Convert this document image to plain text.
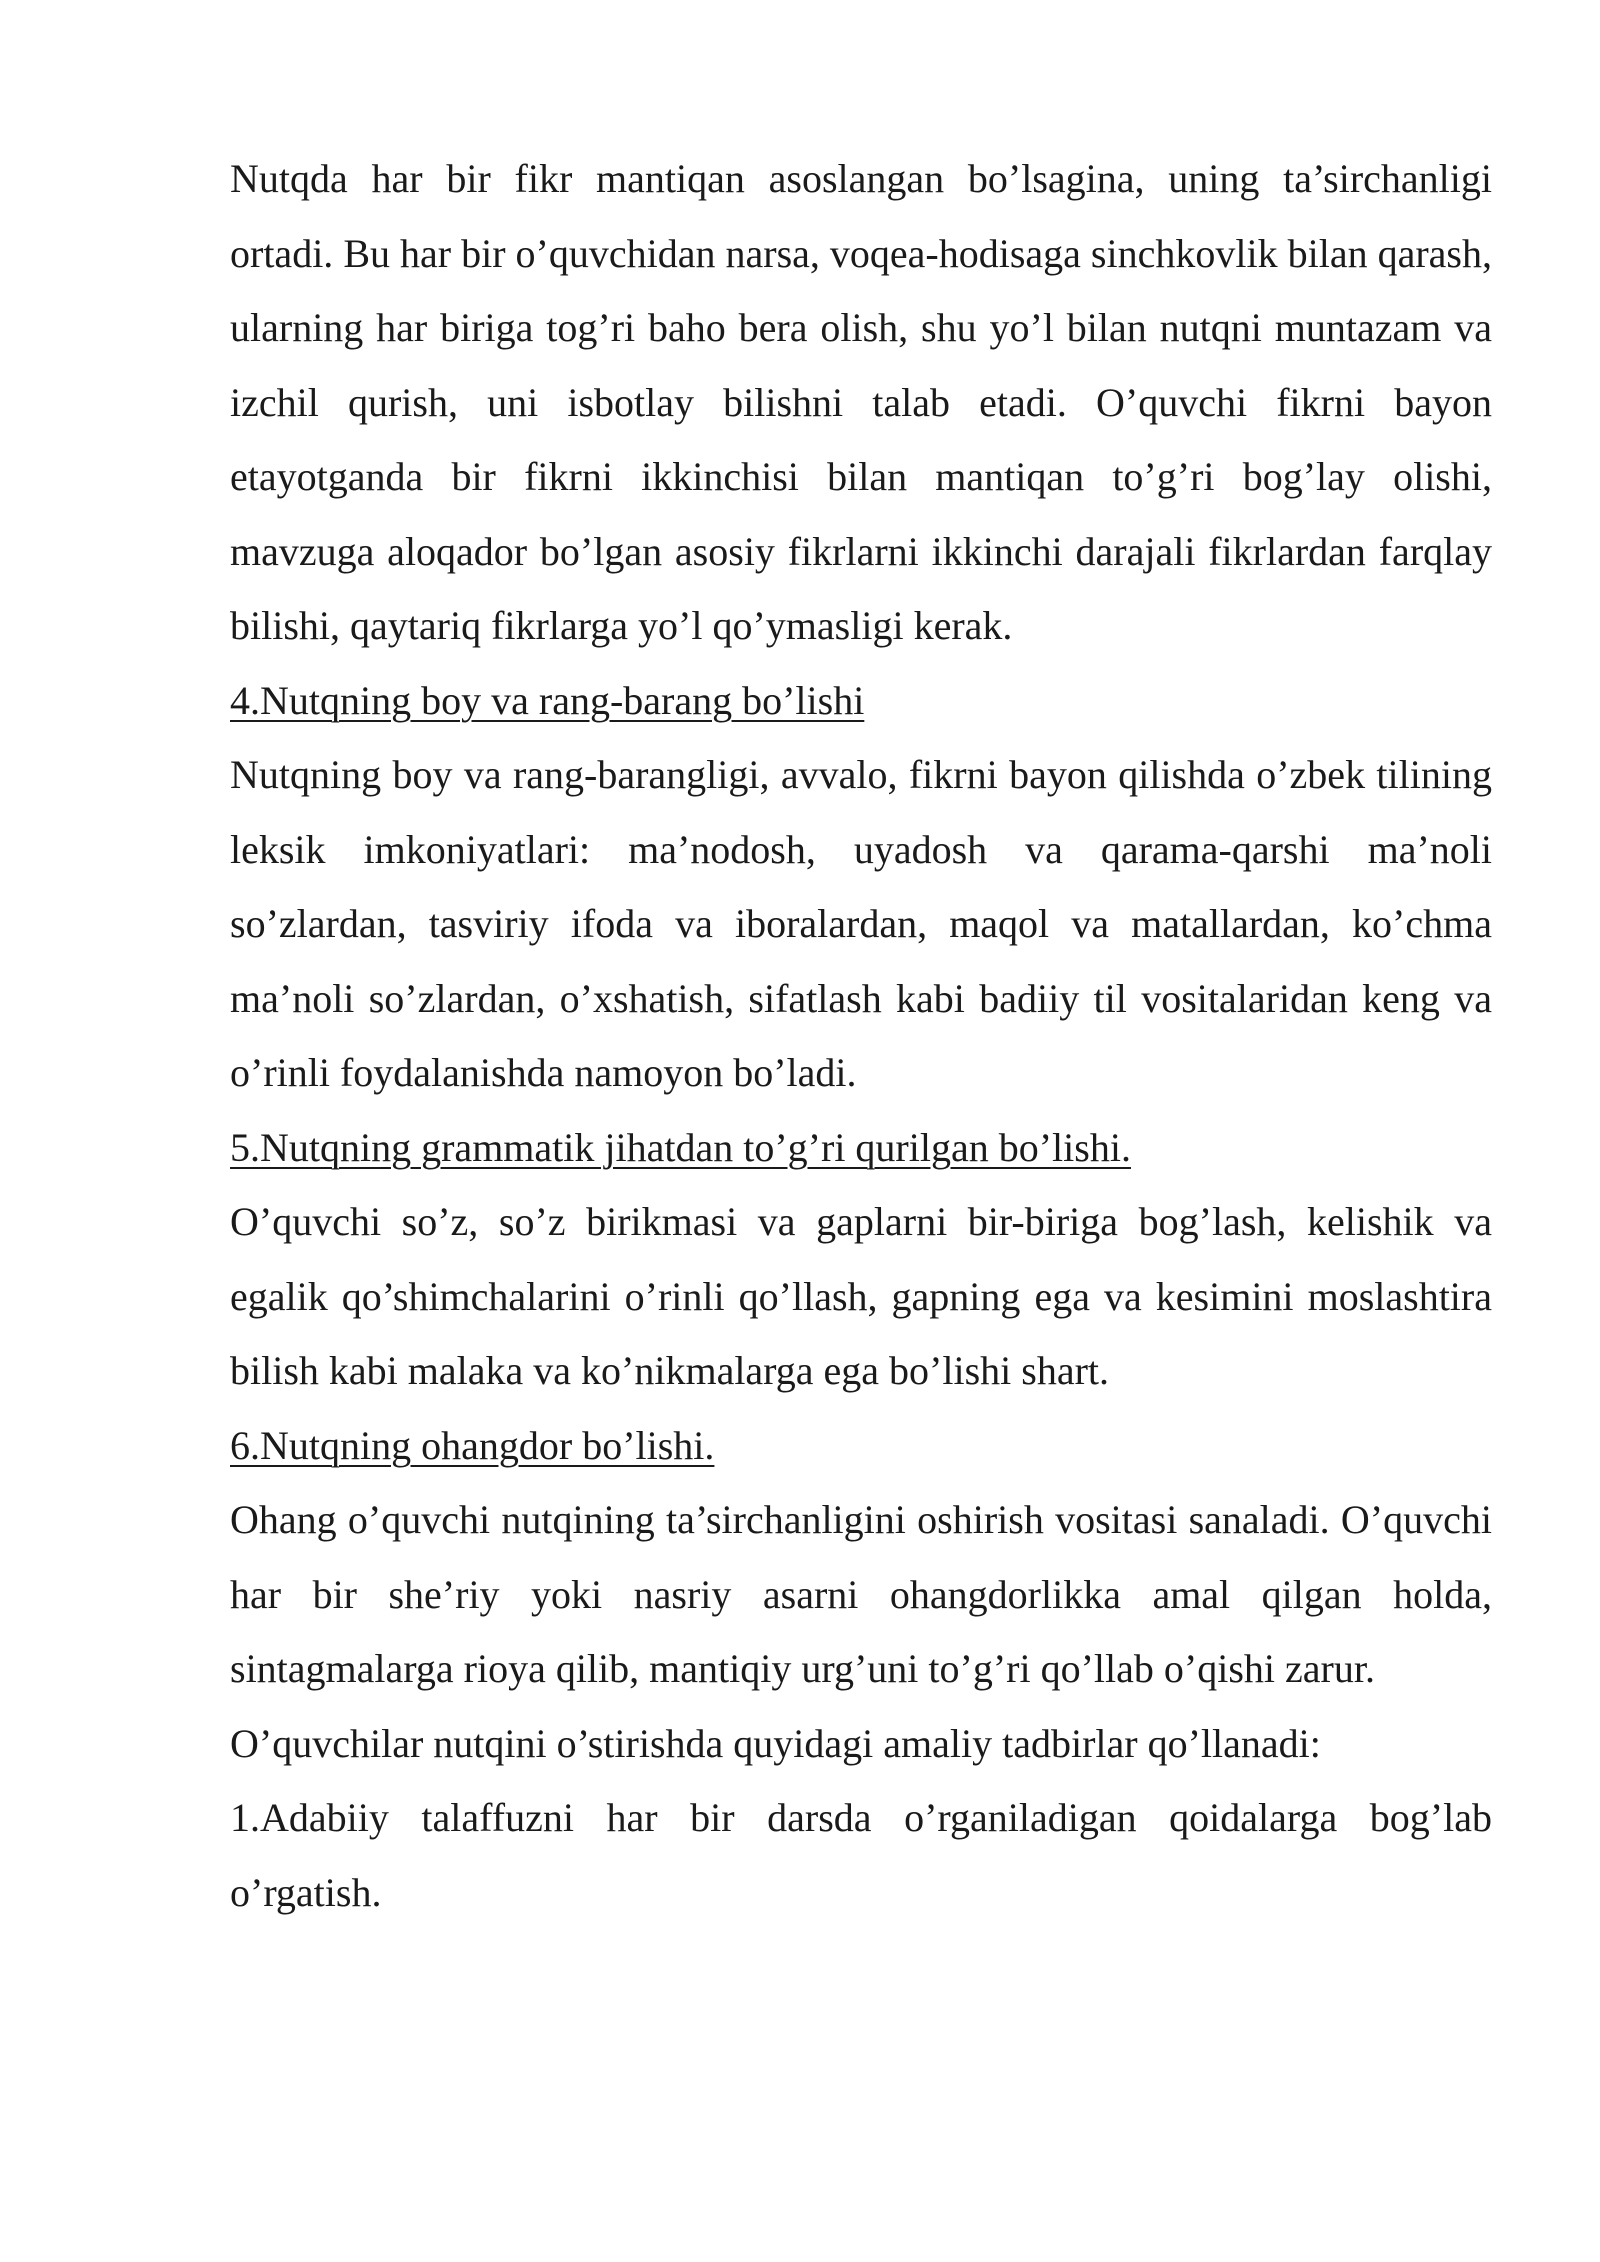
Nutqda har bir fikr mantiqan asoslangan bo’lsagina, uning ta’sirchanligi ortadi. Bu har bir o’quvchidan narsa, voqea-hodisaga sinchkovlik bilan qarash, ularning har biriga tog’ri baho bera olish, shu yo’l bilan nutqni muntazam va izchil qurish, uni isbotlay bilishni talab etadi. O’quvchi fikrni bayon etayotganda bir fikrni ikkinchisi bilan mantiqan to’g’ri bog’lay olishi, mavzuga aloqador bo’lgan asosiy fikrlarni ikkinchi darajali fikrlardan farqlay bilishi, qaytariq fikrlarga yo’l qo’ymasligi kerak.

4.Nutqning boy va rang-barang bo’lishi

Nutqning boy va rang-barangligi, avvalo, fikrni bayon qilishda o’zbek tilining leksik imkoniyatlari: ma’nodosh, uyadosh va qarama-qarshi ma’noli so’zlardan, tasviriy ifoda va iboralardan, maqol va matallardan, ko’chma ma’noli so’zlardan, o’xshatish, sifatlash kabi badiiy til vositalaridan keng va o’rinli foydalanishda namoyon bo’ladi.

5.Nutqning grammatik jihatdan to’g’ri qurilgan bo’lishi.

O’quvchi so’z, so’z birikmasi va gaplarni bir-biriga bog’lash, kelishik va egalik qo’shimchalarini o’rinli qo’llash, gapning ega va kesimini moslashtira bilish kabi malaka va ko’nikmalarga ega bo’lishi shart.

6.Nutqning ohangdor bo’lishi.

Ohang o’quvchi nutqining ta’sirchanligini oshirish vositasi sanaladi. O’quvchi har bir she’riy yoki nasriy asarni ohangdorlikka amal qilgan holda, sintagmalarga rioya qilib, mantiqiy urg’uni to’g’ri qo’llab o’qishi zarur.

O’quvchilar nutqini o’stirishda quyidagi amaliy tadbirlar qo’llanadi:

1.Adabiiy talaffuzni har bir darsda o’rganiladigan qoidalarga bog’lab o’rgatish.
